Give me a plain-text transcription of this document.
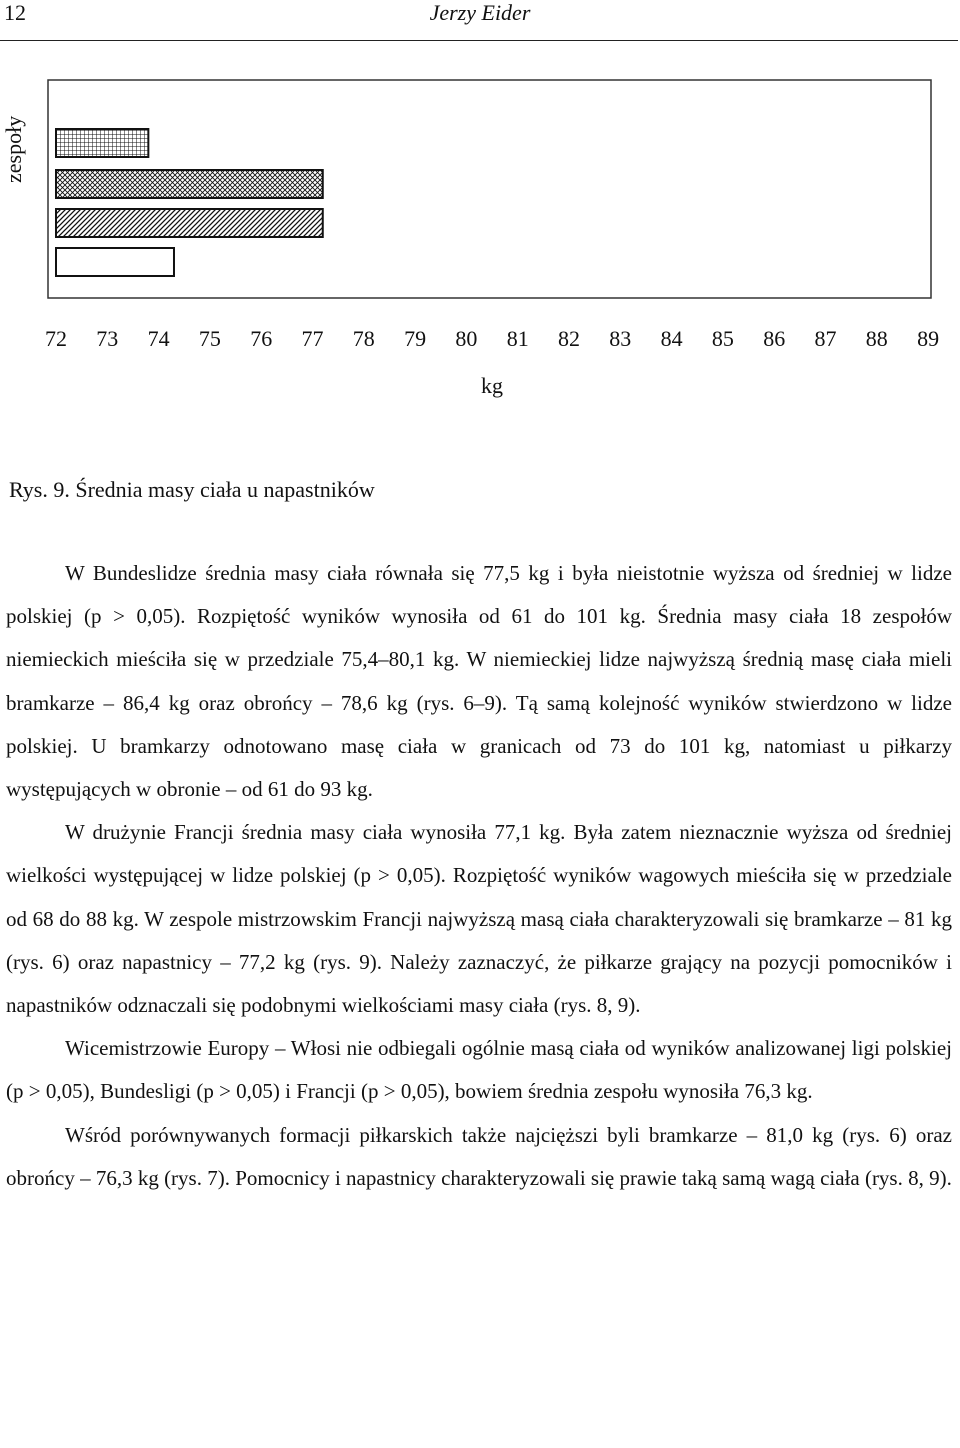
12	Jerzy Eider
zespoły
72 73 74 75 76 77 78 79 80 81 82 83 84 85 86 87 88 89
kg
Rys. 9. Średnia masy ciała u napastników

W Bundeslidze średnia masy ciała równała się 77,5 kg i była nieistotnie wyższa od średniej w lidze polskiej (p > 0,05). Rozpiętość wyników wynosiła od 61 do 101 kg. Średnia masy ciała 18 zespołów niemieckich mieściła się w przedziale 75,4–80,1 kg. W niemieckiej lidze najwyższą średnią masę ciała mieli bramkarze – 86,4 kg oraz obrońcy – 78,6 kg (rys. 6–9). Tą samą kolejność wyników stwierdzono w lidze polskiej. U bramkarzy odnotowano masę ciała w granicach od 73 do 101 kg, natomiast u piłkarzy występujących w obronie – od 61 do 93 kg.

W drużynie Francji średnia masy ciała wynosiła 77,1 kg. Była zatem nieznacznie wyższa od średniej wielkości występującej w lidze polskiej (p > 0,05). Rozpiętość wyników wagowych mieściła się w przedziale od 68 do 88 kg. W zespole mistrzowskim Francji najwyższą masą ciała charakteryzowali się bramkarze – 81 kg (rys. 6) oraz napastnicy – 77,2 kg (rys. 9). Należy zaznaczyć, że piłkarze grający na pozycji pomocników i napastników odznaczali się podobnymi wielkościami masy ciała (rys. 8, 9).

Wicemistrzowie Europy – Włosi nie odbiegali ogólnie masą ciała od wyników analizowanej ligi polskiej (p > 0,05), Bundesligi (p > 0,05) i Francji (p > 0,05), bowiem średnia zespołu wynosiła 76,3 kg.

Wśród porównywanych formacji piłkarskich także najcięższi byli bramkarze – 81,0 kg (rys. 6) oraz obrońcy – 76,3 kg (rys. 7). Pomocnicy i napastnicy charakteryzowali się prawie taką samą wagą ciała (rys. 8, 9).
